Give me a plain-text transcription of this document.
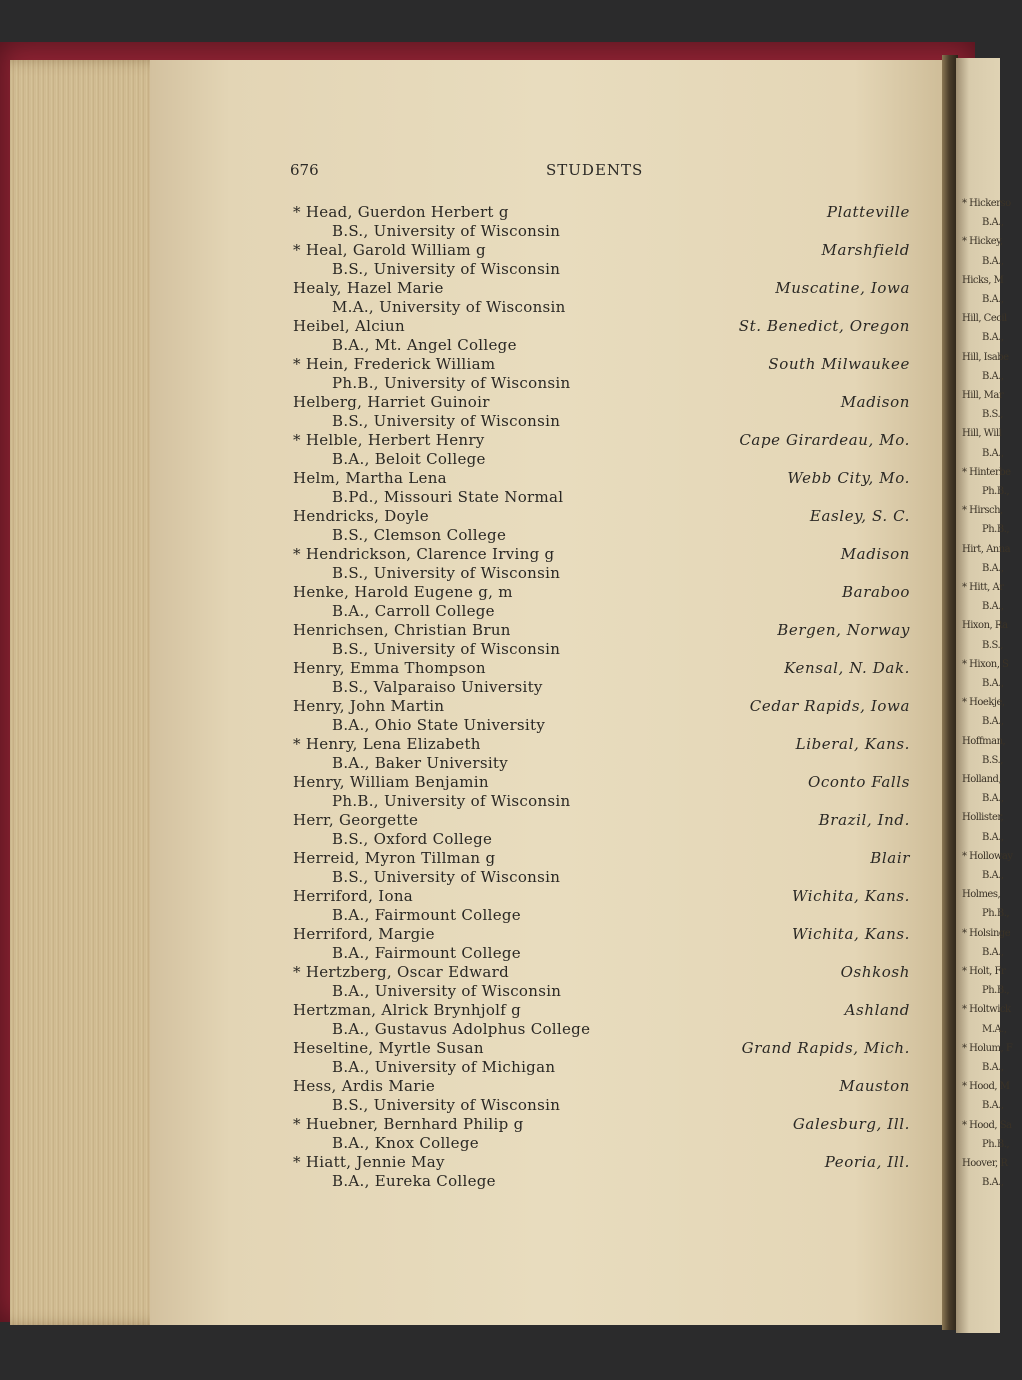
* Hickerso
B.A.,
* Hickey,
B.A.,
Hicks, M
B.A.,
Hill, Cecil
B.A.,
Hill, Isabe
B.A.,
Hill, Mar
B.S.,
Hill, Will
B.A.,
* Hinterbe
Ph.B.,
* Hirsch,
Ph.B.,
Hirt, Anna
B.A.,
* Hitt, Ar
B.A.,
Hixon, Ra
B.S.,
* Hixon, S
B.A.,
* Hoekje,
B.A.,
Hoffman,
B.S.,
Holland,
B.A.,
Hollister,
B.A.,
* Holloway
B.A.,
Holmes,
Ph.B.,
* Holsinge
B.A.,
* Holt, Fr
Ph.B.,
* Holtwick
M.A.,
* Holum, F
B.A.,
* Hood, M
B.A.,
* Hood, Sa
Ph.B.,
Hoover, R
B.A.,
676	STUDENTS
* Head, Guerdon Herbert g
B.S., University of Wisconsin
Platteville
* Heal, Garold William g
B.S., University of Wisconsin
Marshfield
Healy, Hazel Marie
M.A., University of Wisconsin
Muscatine, Iowa
Heibel, Alciun
B.A., Mt. Angel College
St. Benedict, Oregon
* Hein, Frederick William
Ph.B., University of Wisconsin
South Milwaukee
Helberg, Harriet Guinoir
B.S., University of Wisconsin
Madison
* Helble, Herbert Henry
B.A., Beloit College
Cape Girardeau, Mo.
Helm, Martha Lena
B.Pd., Missouri State Normal
Webb City, Mo.
Hendricks, Doyle
B.S., Clemson College
Easley, S. C.
* Hendrickson, Clarence Irving g
B.S., University of Wisconsin
Madison
Henke, Harold Eugene g, m
B.A., Carroll College
Baraboo
Henrichsen, Christian Brun
B.S., University of Wisconsin
Bergen, Norway
Henry, Emma Thompson
B.S., Valparaiso University
Kensal, N. Dak.
Henry, John Martin
B.A., Ohio State University
Cedar Rapids, Iowa
* Henry, Lena Elizabeth
B.A., Baker University
Liberal, Kans.
Henry, William Benjamin
Ph.B., University of Wisconsin
Oconto Falls
Herr, Georgette
B.S., Oxford College
Brazil, Ind.
Herreid, Myron Tillman g
B.S., University of Wisconsin
Blair
Herriford, Iona
B.A., Fairmount College
Wichita, Kans.
Herriford, Margie
B.A., Fairmount College
Wichita, Kans.
* Hertzberg, Oscar Edward
B.A., University of Wisconsin
Oshkosh
Hertzman, Alrick Brynhjolf g
B.A., Gustavus Adolphus College
Ashland
Heseltine, Myrtle Susan
B.A., University of Michigan
Grand Rapids, Mich.
Hess, Ardis Marie
B.S., University of Wisconsin
Mauston
* Huebner, Bernhard Philip g
B.A., Knox College
Galesburg, Ill.
* Hiatt, Jennie May
B.A., Eureka College
Peoria, Ill.
